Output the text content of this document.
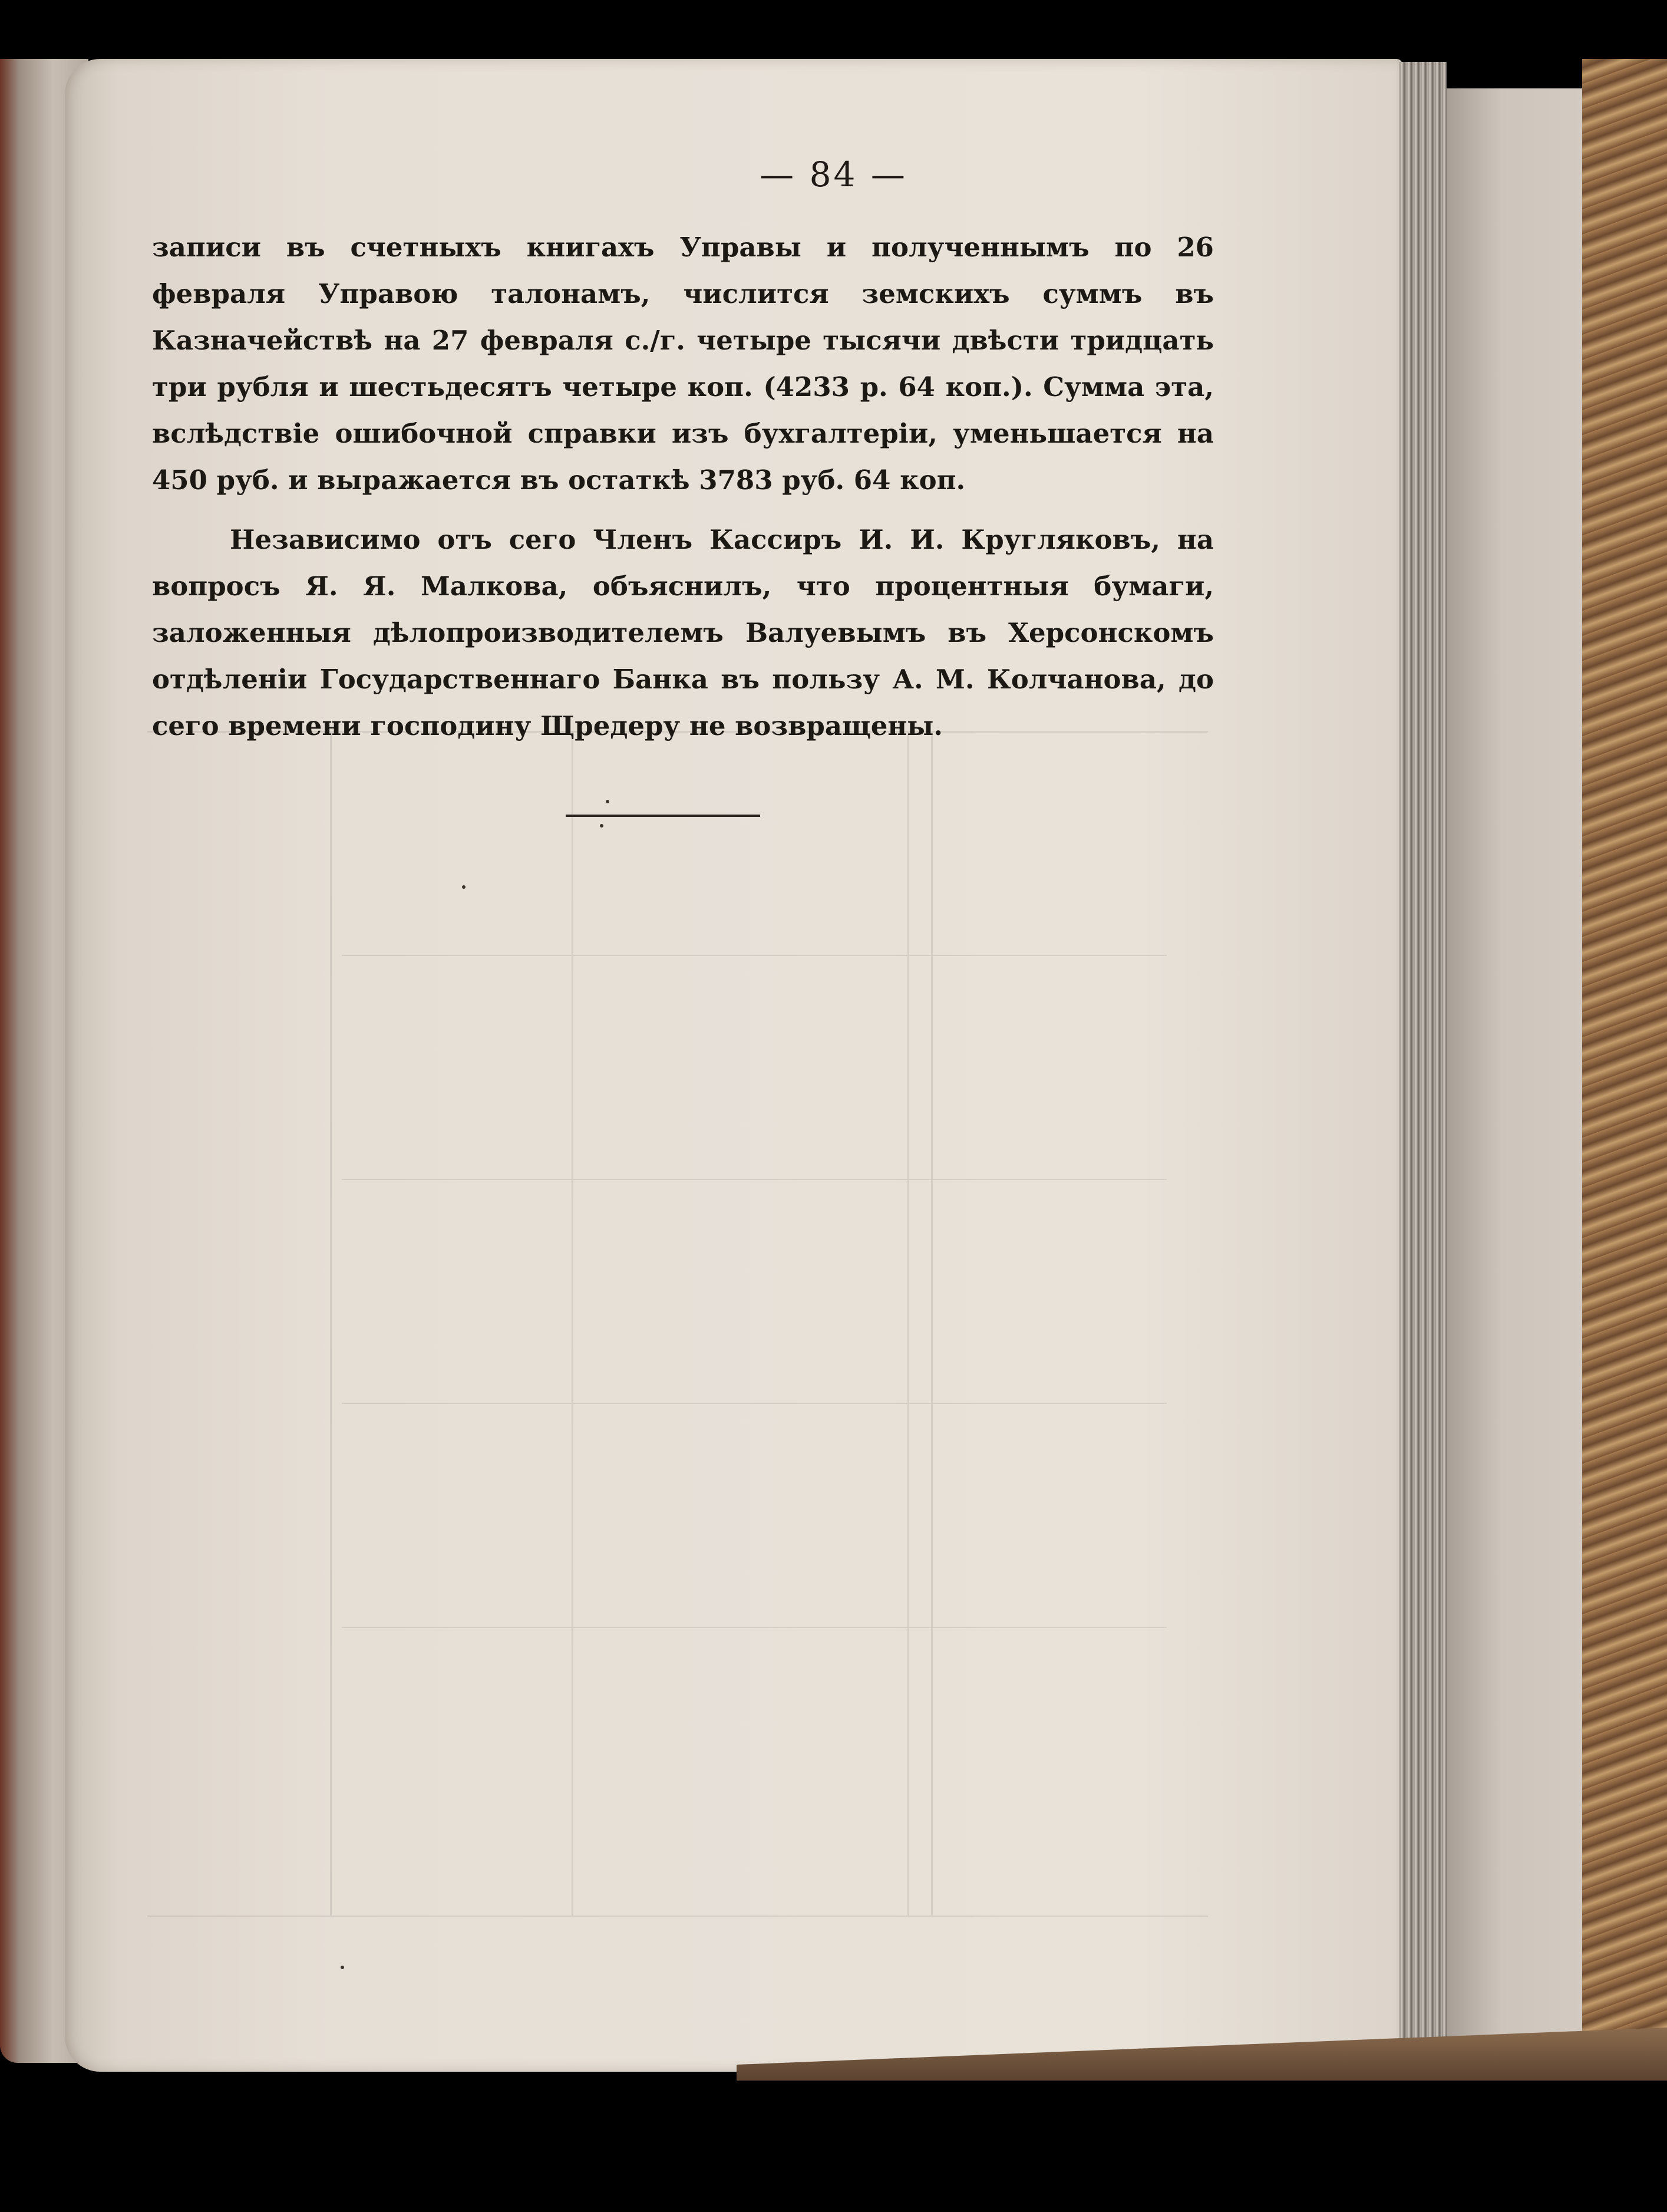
— 84 —

записи въ счетныхъ книгахъ Управы и полученнымъ по 26 февраля Управою талонамъ, числится земскихъ суммъ въ Казначействѣ на 27 февраля с./г. четыре тысячи двѣсти тридцать три рубля и шестьдесятъ четыре коп. (4233 р. 64 коп.). Сумма эта, вслѣдствіе ошибочной справки изъ бухгалтеріи, уменьшается на 450 руб. и выражается въ остаткѣ 3783 руб. 64 коп.

Независимо отъ сего Членъ Кассиръ И. И. Кругляковъ, на вопросъ Я. Я. Малкова, объяснилъ, что процентныя бумаги, заложенныя дѣлопроизводителемъ Валуевымъ въ Херсонскомъ отдѣленіи Государственнаго Банка въ пользу А. М. Колчанова, до сего времени господину Щредеру не возвращены.
